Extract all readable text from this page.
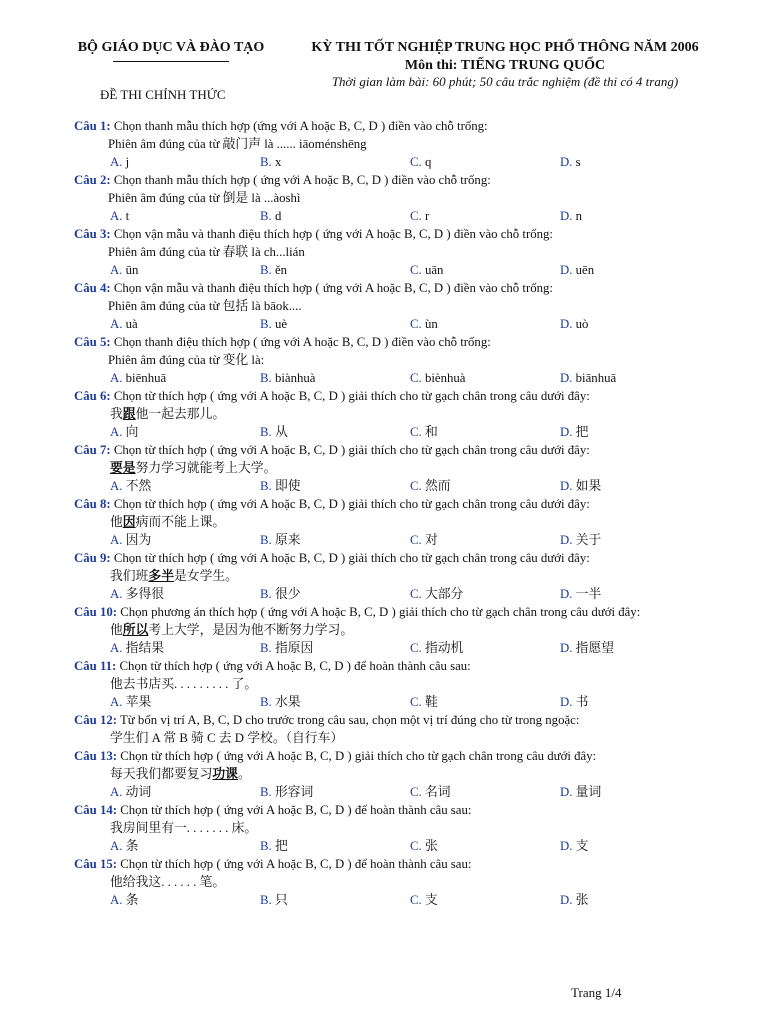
BỘ GIÁO DỤC VÀ ĐÀO TẠO
ĐỀ THI CHÍNH THỨC
KỲ THI TỐT NGHIỆP TRUNG HỌC PHỔ THÔNG NĂM 2006
Môn thi: TIẾNG TRUNG QUỐC
Thời gian làm bài: 60 phút; 50 câu trắc nghiệm (đề thi có 4 trang)
Câu 1: Chọn thanh mẫu thích hợp (ứng với A hoặc B, C, D ) điền vào chỗ trống:
Phiên âm đúng của từ 敲门声 là ...... iāoménshēng
A. j	B. x	C. q	D. s
Câu 2: Chọn thanh mẫu thích hợp ( ứng với A hoặc B, C, D ) điền vào chỗ trống:
Phiên âm đúng của từ 倒是 là ...àoshì
A. t	B. d	C. r	D. n
Câu 3: Chọn vận mẫu và thanh điệu thích hợp ( ứng với A hoặc B, C, D ) điền vào chỗ trống:
Phiên âm đúng của từ 春联 là ch...lián
A. ūn	B. ěn	C. uān	D. uēn
Câu 4: Chọn vận mẫu và thanh điệu thích hợp ( ứng với A hoặc B, C, D ) điền vào chỗ trống:
Phiên âm đúng của từ 包括 là bāok....
A. uà	B. uè	C. ùn	D. uò
Câu 5: Chọn thanh điệu thích hợp ( ứng với A hoặc B, C, D ) điền vào chỗ trống:
Phiên âm đúng của từ 变化 là:
A. biēnhuā	B. biànhuà	C. biènhuà	D. biānhuā
Câu 6: Chọn từ thích hợp ( ứng với A hoặc B, C, D ) giải thích cho từ gạch chân trong câu dưới đây:
我跟他一起去那儿。
A. 向	B. 从	C. 和	D. 把
Câu 7: Chọn từ thích hợp ( ứng với A hoặc B, C, D ) giải thích cho từ gạch chân trong câu dưới đây:
要是努力学习就能考上大学。
A. 不然	B. 即使	C. 然而	D. 如果
Câu 8: Chọn từ thích hợp ( ứng với A hoặc B, C, D ) giải thích cho từ gạch chân trong câu dưới đây:
他因病而不能上课。
A. 因为	B. 原来	C. 对	D. 关于
Câu 9: Chọn từ thích hợp ( ứng với A hoặc B, C, D ) giải thích cho từ gạch chân trong câu dưới đây:
我们班多半是女学生。
A. 多得很	B. 很少	C. 大部分	D. 一半
Câu 10: Chọn phương án thích hợp ( ứng với A hoặc B, C, D ) giải thích cho từ gạch chân trong câu dưới đây:
他所以考上大学，是因为他不断努力学习。
A. 指结果	B. 指原因	C. 指动机	D. 指愿望
Câu 11: Chọn từ thích hợp ( ứng với A hoặc B, C, D ) để hoàn thành câu sau:
他去书店买. . . . . . . . . 了。
A. 苹果	B. 水果	C. 鞋	D. 书
Câu 12: Từ bốn vị trí A, B, C, D cho trước trong câu sau, chọn một vị trí đúng cho từ trong ngoặc:
学生们 A 常 B 骑 C 去 D 学校。（自行车）
Câu 13: Chọn từ thích hợp ( ứng với A hoặc B, C, D ) giải thích cho từ gạch chân trong câu dưới đây:
每天我们都要复习功课。
A. 动词	B. 形容词	C. 名词	D. 量词
Câu 14: Chọn từ thích hợp ( ứng với A hoặc B, C, D ) để hoàn thành câu sau:
我房间里有一. . . . . . . 床。
A. 条	B. 把	C. 张	D. 支
Câu 15: Chọn từ thích hợp ( ứng với A hoặc B, C, D ) để hoàn thành câu sau:
他给我这. . . . . . 笔。
A. 条	B. 只	C. 支	D. 张
Trang 1/4
